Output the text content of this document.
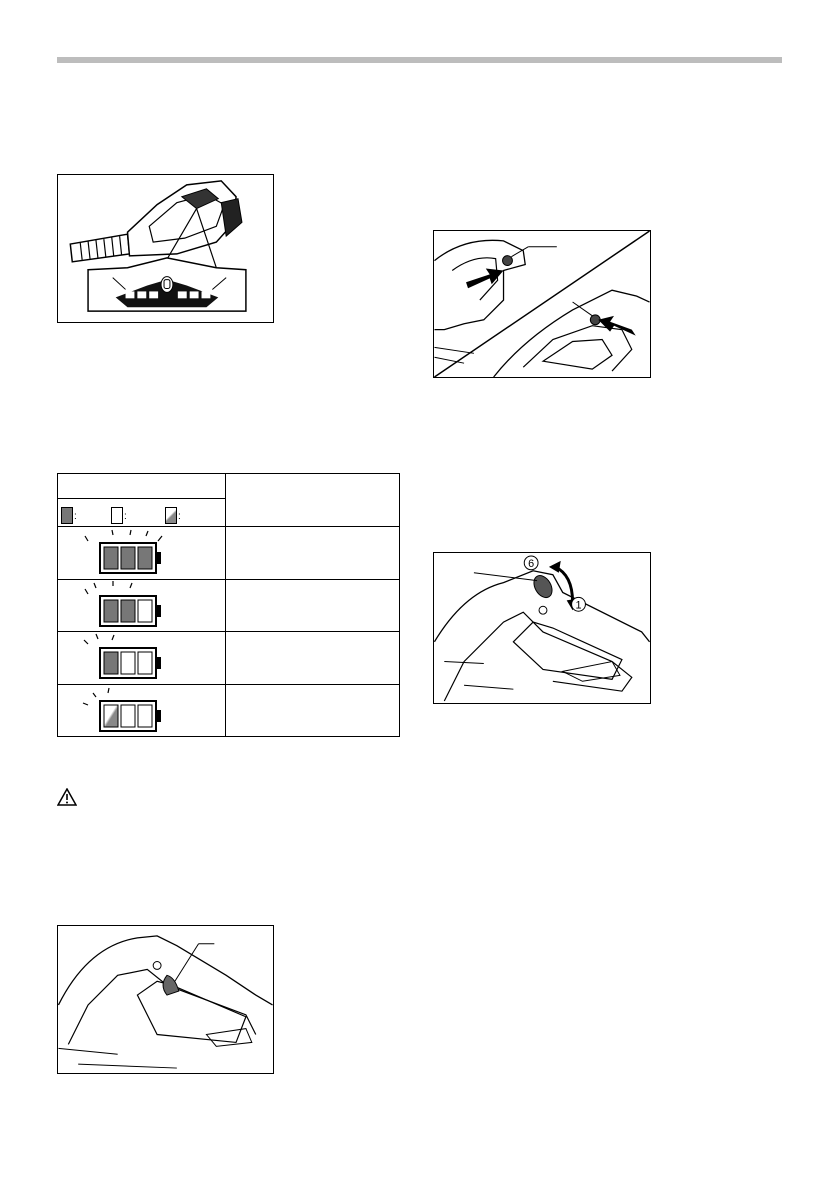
:	:	:
6
1
